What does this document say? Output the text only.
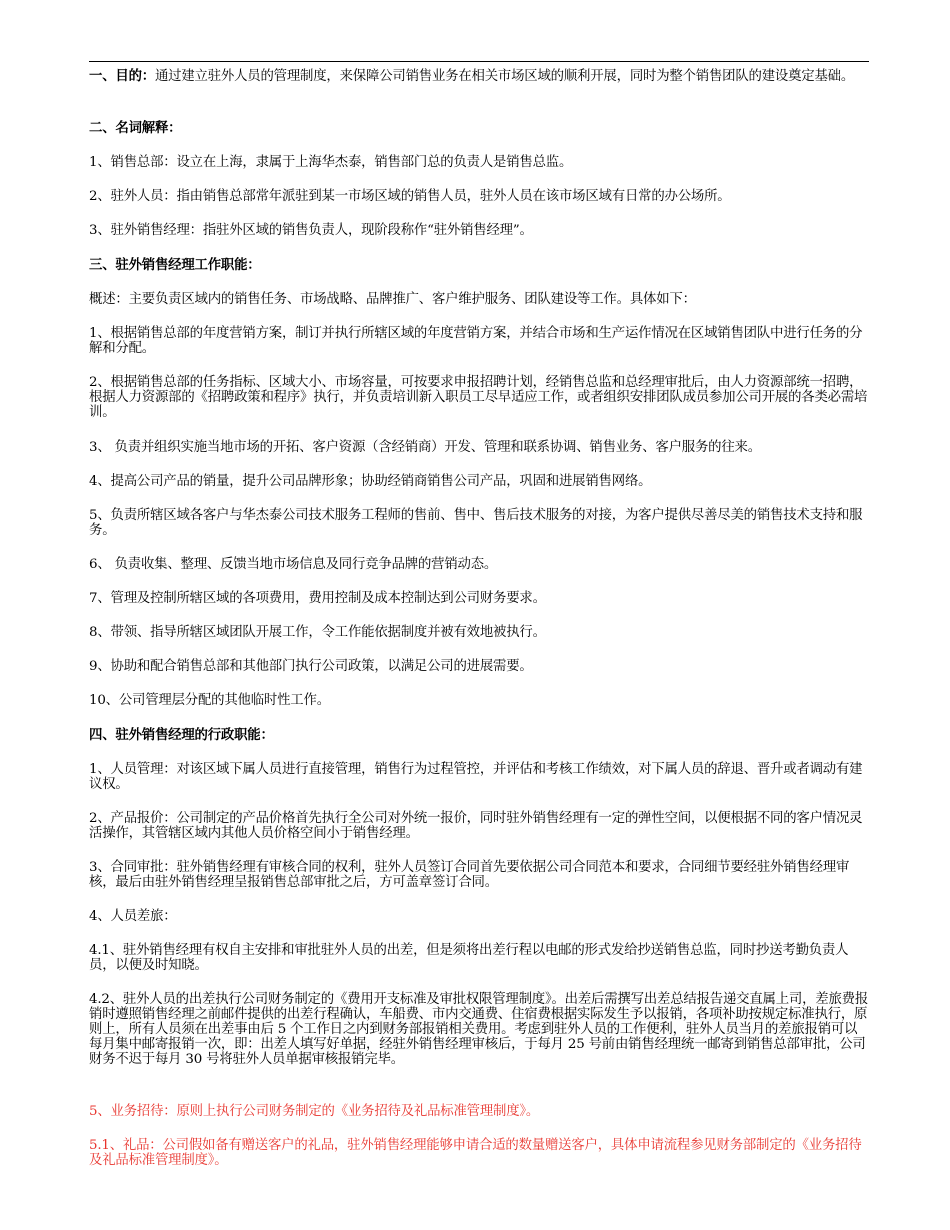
一、目的：通过建立驻外人员的管理制度，来保障公司销售业务在相关市场区域的顺利开展，同时为整个销售团队的建设奠定基础。

二、名词解释：

1、销售总部：设立在上海，隶属于上海华杰泰，销售部门总的负责人是销售总监。

2、驻外人员：指由销售总部常年派驻到某一市场区域的销售人员，驻外人员在该市场区域有日常的办公场所。

3、驻外销售经理：指驻外区域的销售负责人，现阶段称作“驻外销售经理”。

三、驻外销售经理工作职能：

概述：主要负责区域内的销售任务、市场战略、品牌推广、客户维护服务、团队建设等工作。具体如下：

1、根据销售总部的年度营销方案，制订并执行所辖区域的年度营销方案，并结合市场和生产运作情况在区域销售团队中进行任务的分解和分配。

2、根据销售总部的任务指标、区域大小、市场容量，可按要求申报招聘计划，经销售总监和总经理审批后，由人力资源部统一招聘，根据人力资源部的《招聘政策和程序》执行，并负责培训新入职员工尽早适应工作，或者组织安排团队成员参加公司开展的各类必需培训。

3、 负责并组织实施当地市场的开拓、客户资源（含经销商）开发、管理和联系协调、销售业务、客户服务的往来。

4、提高公司产品的销量，提升公司品牌形象；协助经销商销售公司产品，巩固和进展销售网络。

5、负责所辖区域各客户与华杰泰公司技术服务工程师的售前、售中、售后技术服务的对接，为客户提供尽善尽美的销售技术支持和服务。

6、 负责收集、整理、反馈当地市场信息及同行竞争品牌的营销动态。

7、管理及控制所辖区域的各项费用，费用控制及成本控制达到公司财务要求。

8、带领、指导所辖区域团队开展工作，令工作能依据制度并被有效地被执行。

9、协助和配合销售总部和其他部门执行公司政策，以满足公司的进展需要。

10、公司管理层分配的其他临时性工作。

四、驻外销售经理的行政职能：

1、人员管理：对该区域下属人员进行直接管理，销售行为过程管控，并评估和考核工作绩效，对下属人员的辞退、晋升或者调动有建议权。

2、产品报价：公司制定的产品价格首先执行全公司对外统一报价，同时驻外销售经理有一定的弹性空间，以便根据不同的客户情况灵活操作，其管辖区域内其他人员价格空间小于销售经理。

3、合同审批：驻外销售经理有审核合同的权利，驻外人员签订合同首先要依据公司合同范本和要求，合同细节要经驻外销售经理审核，最后由驻外销售经理呈报销售总部审批之后，方可盖章签订合同。

4、人员差旅：

4.1、驻外销售经理有权自主安排和审批驻外人员的出差，但是须将出差行程以电邮的形式发给抄送销售总监，同时抄送考勤负责人员，以便及时知晓。

4.2、驻外人员的出差执行公司财务制定的《费用开支标准及审批权限管理制度》。出差后需撰写出差总结报告递交直属上司，差旅费报销时遵照销售经理之前邮件提供的出差行程确认，车船费、市内交通费、住宿费根据实际发生予以报销，各项补助按规定标准执行，原则上，所有人员须在出差事由后 5 个工作日之内到财务部报销相关费用。考虑到驻外人员的工作便利，驻外人员当月的差旅报销可以每月集中邮寄报销一次，即：出差人填写好单据，经驻外销售经理审核后，于每月 25 号前由销售经理统一邮寄到销售总部审批，公司财务不迟于每月 30 号将驻外人员单据审核报销完毕。

5、业务招待：原则上执行公司财务制定的《业务招待及礼品标准管理制度》。

5.1、礼品：公司假如备有赠送客户的礼品，驻外销售经理能够申请合适的数量赠送客户，具体申请流程参见财务部制定的《业务招待及礼品标准管理制度》。
